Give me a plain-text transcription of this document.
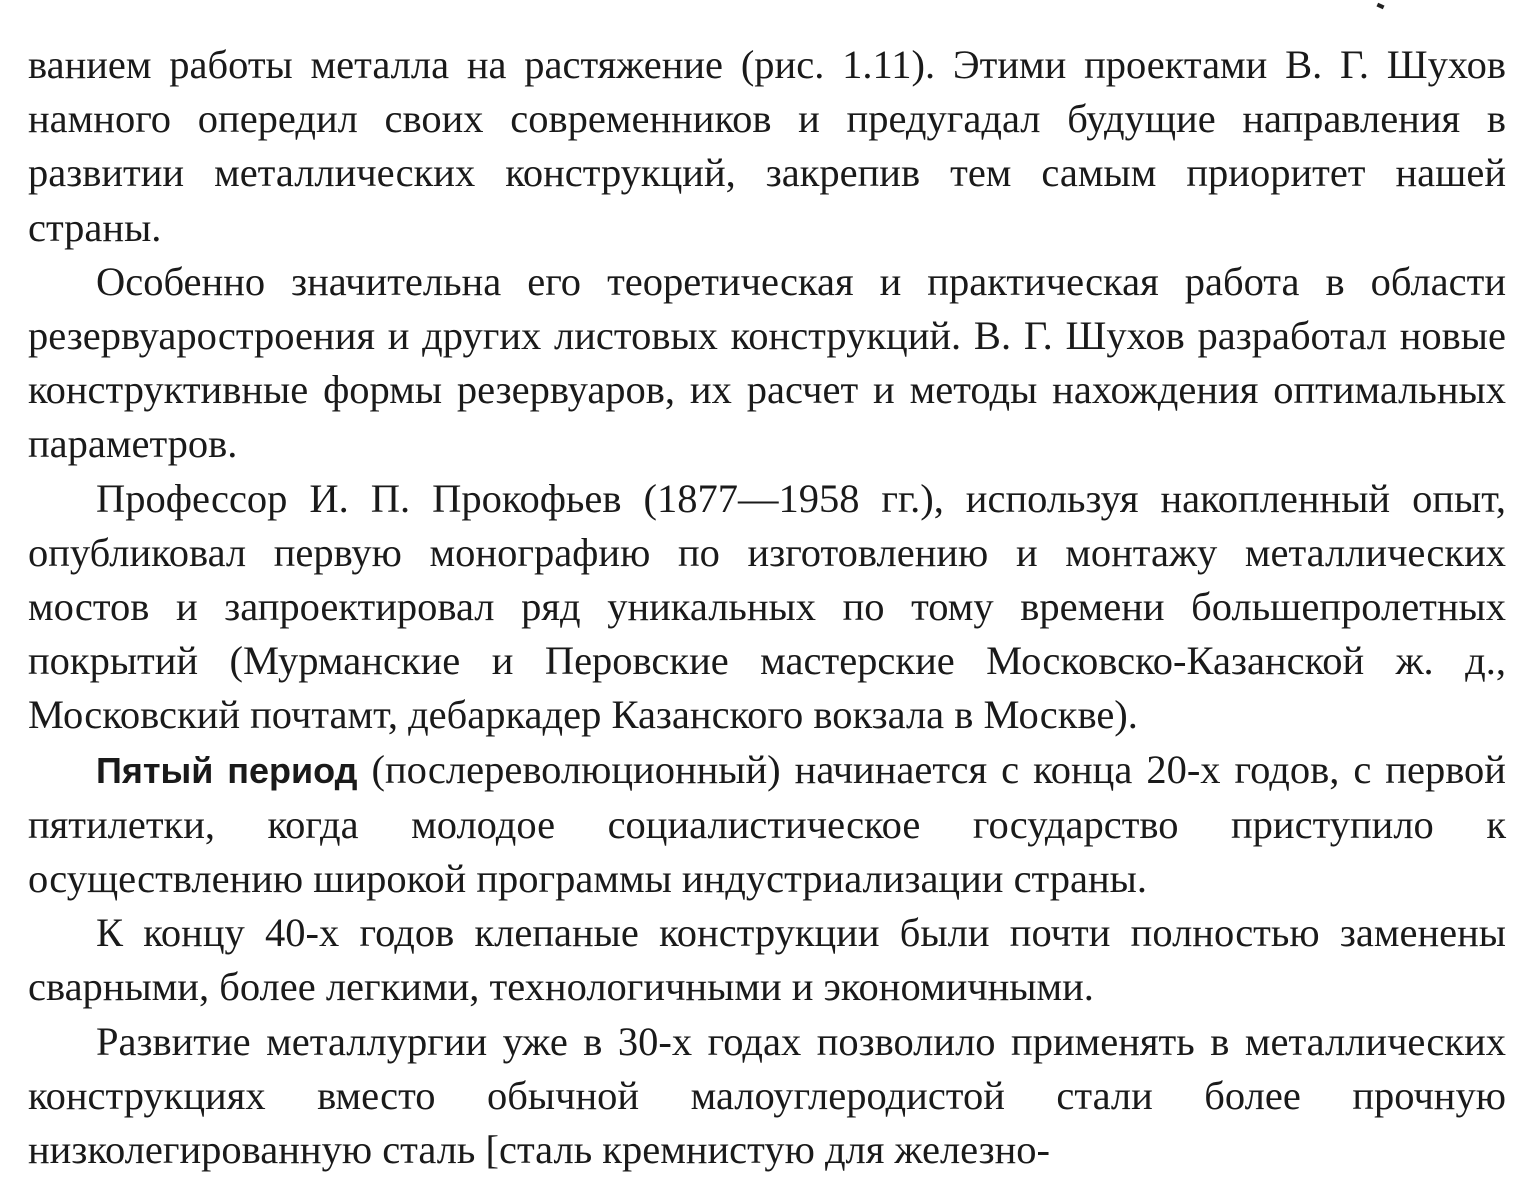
ванием работы металла на растяжение (рис. 1.11). Этими проектами В. Г. Шухов намного опередил своих современников и предугадал будущие направления в развитии металлических конструкций, закрепив тем самым приоритет нашей страны.

Особенно значительна его теоретическая и практическая работа в области резервуаростроения и других листовых конструкций. В. Г. Шухов разработал новые конструктивные формы резервуаров, их расчет и методы нахождения оптимальных параметров.

Профессор И. П. Прокофьев (1877—1958 гг.), используя накопленный опыт, опубликовал первую монографию по изготовлению и монтажу металлических мостов и запроектировал ряд уникальных по тому времени большепролетных покрытий (Мурманские и Перовские мастерские Московско-Казанской ж. д., Московский почтамт, дебаркадер Казанского вокзала в Москве).

Пятый период (послереволюционный) начинается с конца 20-х годов, с первой пятилетки, когда молодое социалистическое государство приступило к осуществлению широкой программы индустриализации страны.

К концу 40-х годов клепаные конструкции были почти полностью заменены сварными, более легкими, технологичными и экономичными.

Развитие металлургии уже в 30-х годах позволило применять в металлических конструкциях вместо обычной малоуглеродистой стали более прочную низколегированную сталь [сталь кремнистую для железно-
